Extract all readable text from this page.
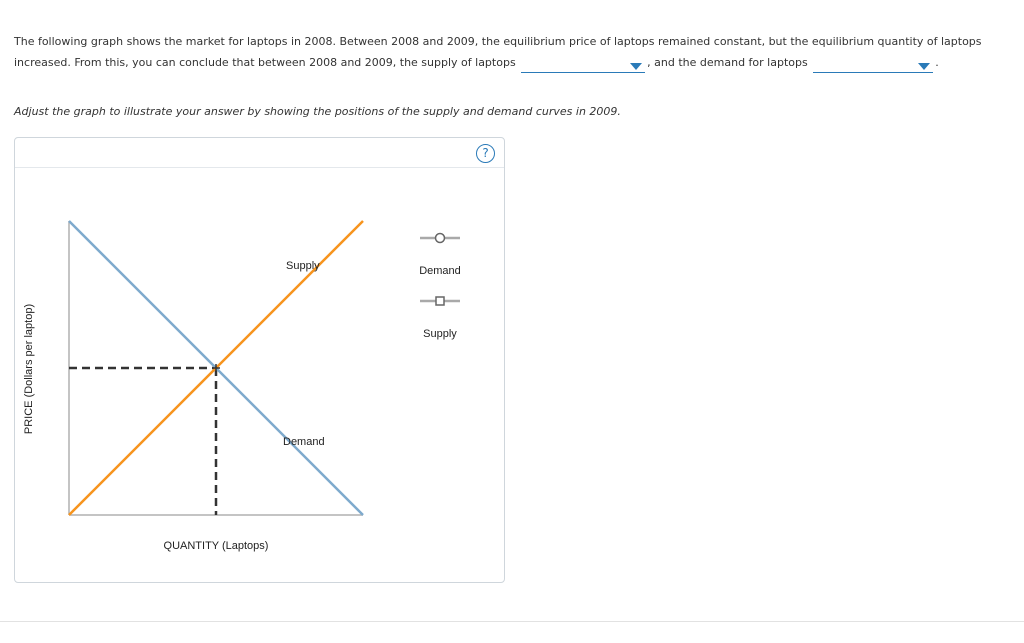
The following graph shows the market for laptops in 2008. Between 2008 and 2009, the equilibrium price of laptops remained constant, but the equilibrium quantity of laptops increased. From this, you can conclude that between 2008 and 2009, the supply of laptops	, and the demand for laptops	.
Adjust the graph to illustrate your answer by showing the positions of the supply and demand curves in 2009.
?
Supply
Demand
PRICE (Dollars per laptop)
QUANTITY (Laptops)
Demand
Supply
